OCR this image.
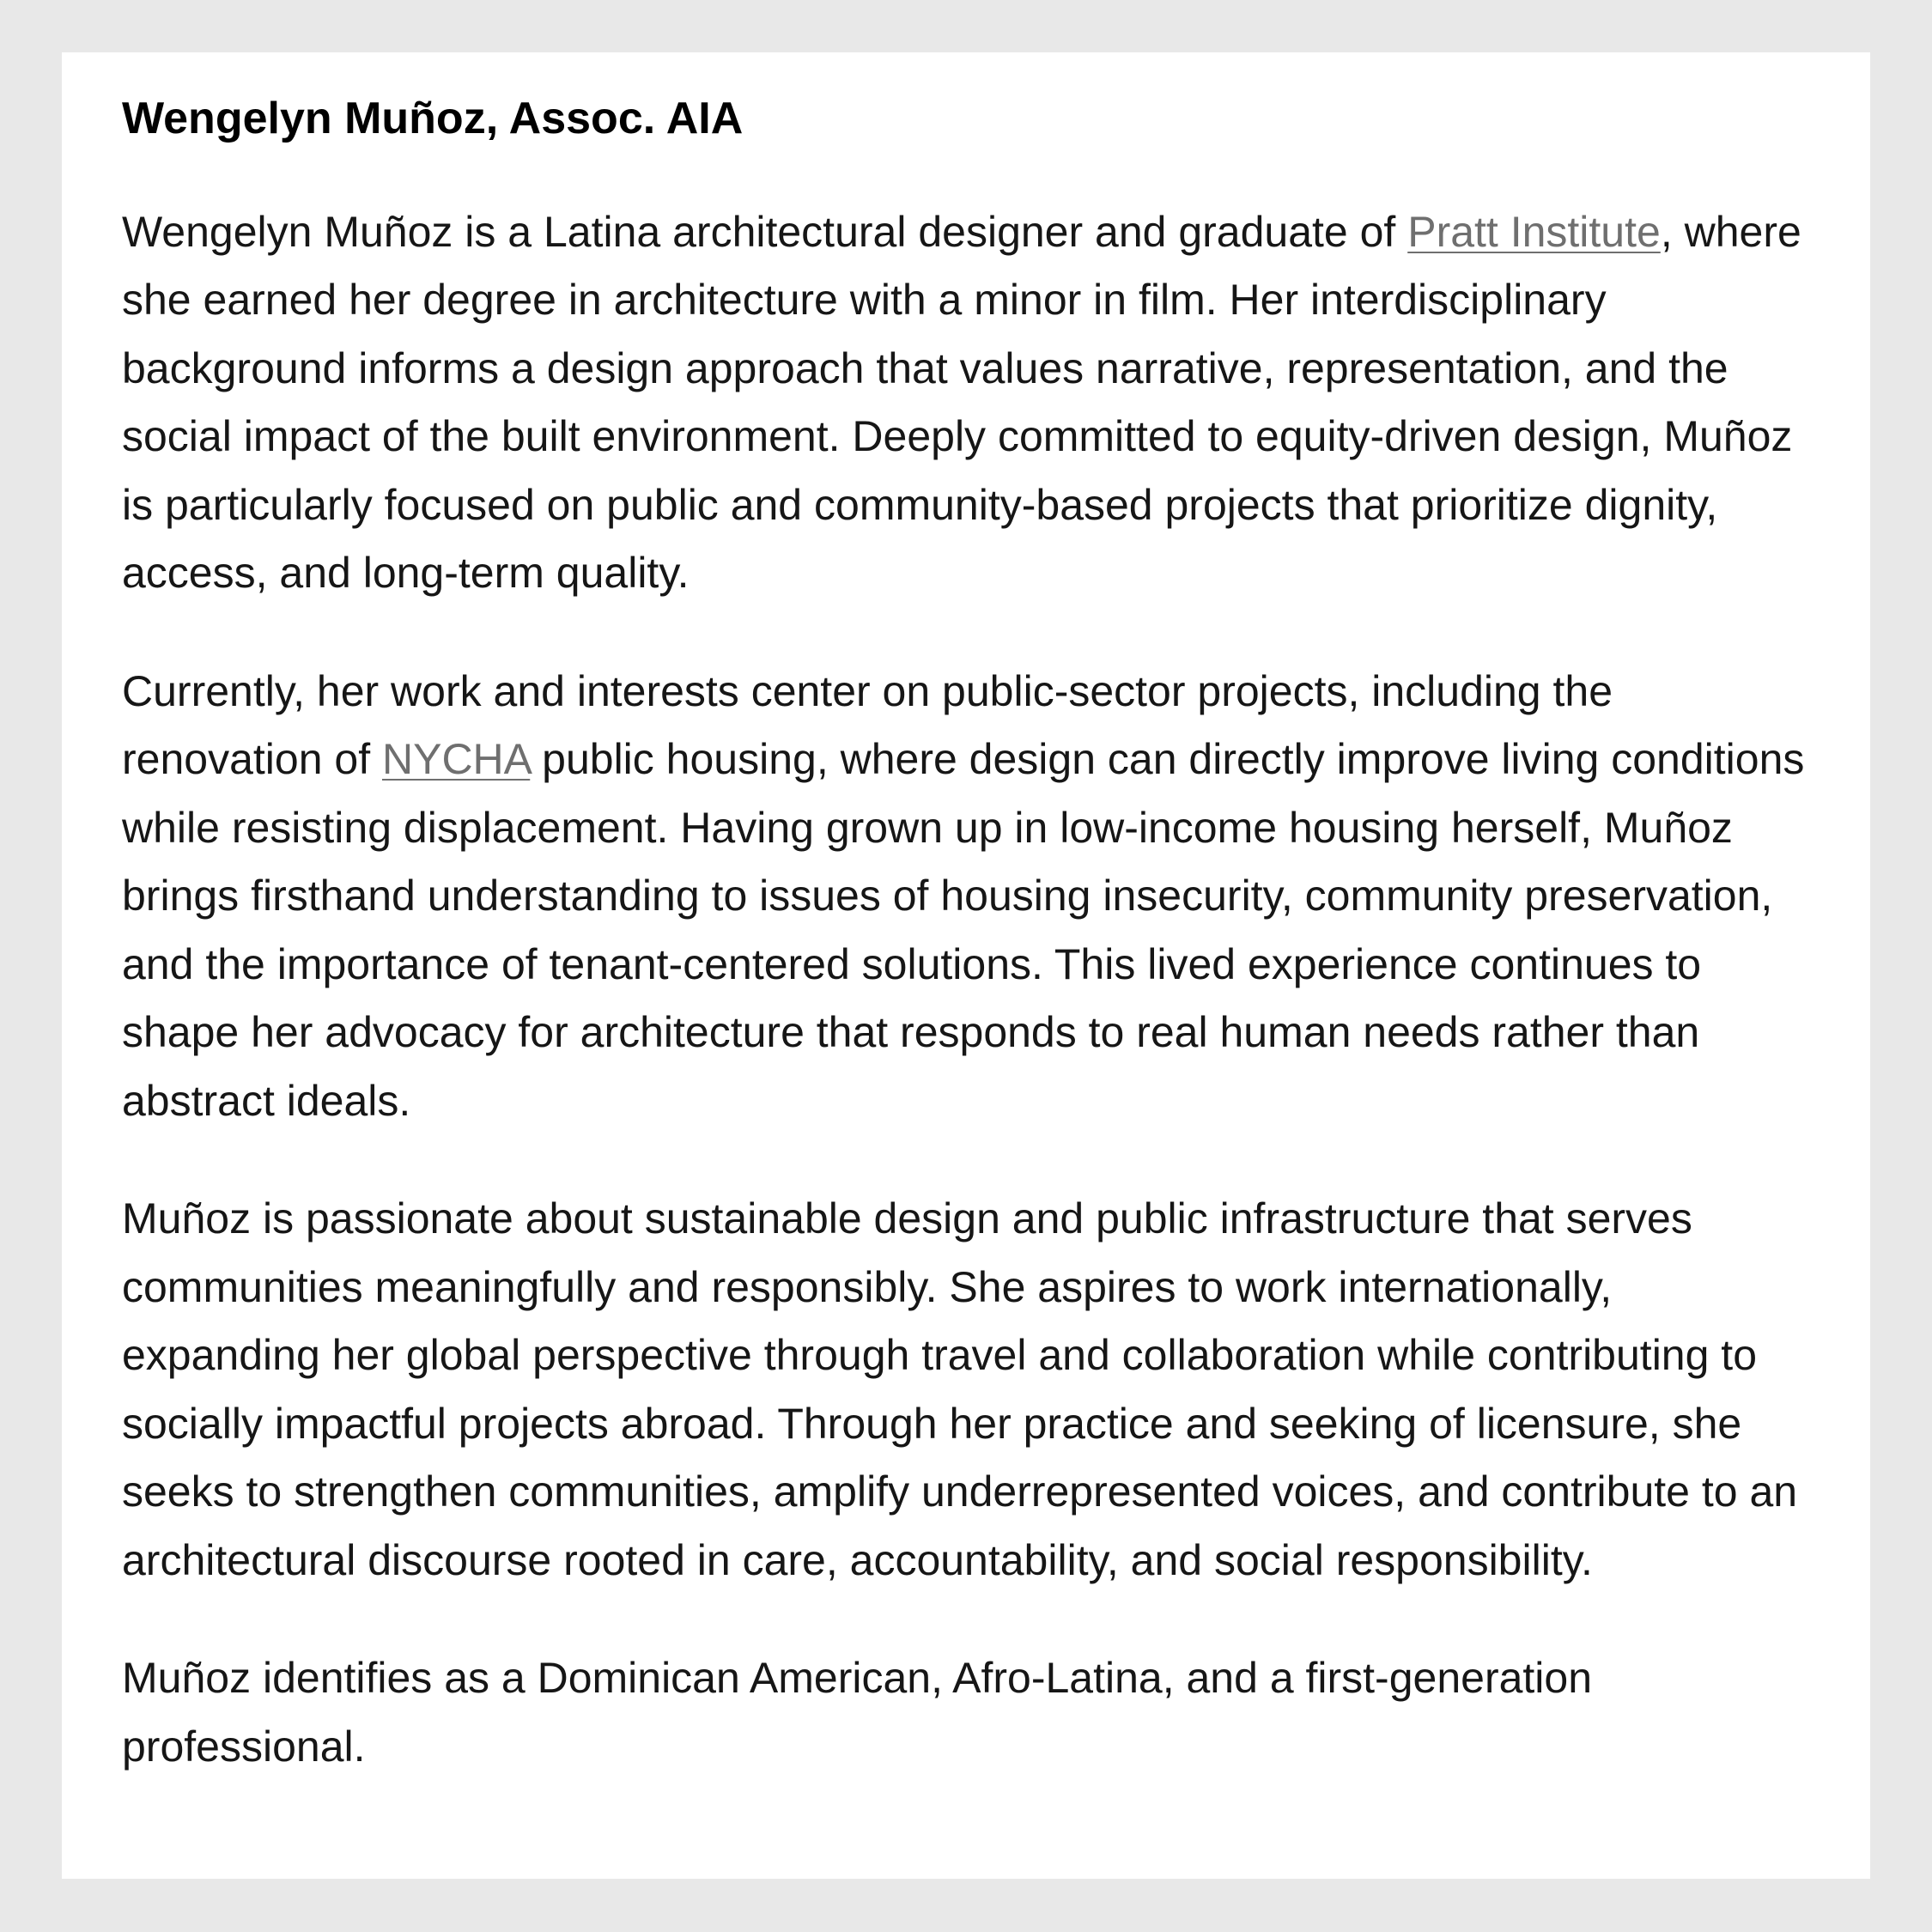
Wengelyn Muñoz, Assoc. AIA

Wengelyn Muñoz is a Latina architectural designer and graduate of Pratt Institute, where she earned her degree in architecture with a minor in film. Her interdisciplinary background informs a design approach that values narrative, representation, and the social impact of the built environment. Deeply committed to equity-driven design, Muñoz is particularly focused on public and community-based projects that prioritize dignity, access, and long-term quality.

Currently, her work and interests center on public-sector projects, including the renovation of NYCHA public housing, where design can directly improve living conditions while resisting displacement. Having grown up in low-income housing herself, Muñoz brings firsthand understanding to issues of housing insecurity, community preservation, and the importance of tenant-centered solutions. This lived experience continues to shape her advocacy for architecture that responds to real human needs rather than abstract ideals.

Muñoz is passionate about sustainable design and public infrastructure that serves communities meaningfully and responsibly. She aspires to work internationally, expanding her global perspective through travel and collaboration while contributing to socially impactful projects abroad. Through her practice and seeking of licensure, she seeks to strengthen communities, amplify underrepresented voices, and contribute to an architectural discourse rooted in care, accountability, and social responsibility.

Muñoz identifies as a Dominican American, Afro-Latina, and a first-generation professional.
